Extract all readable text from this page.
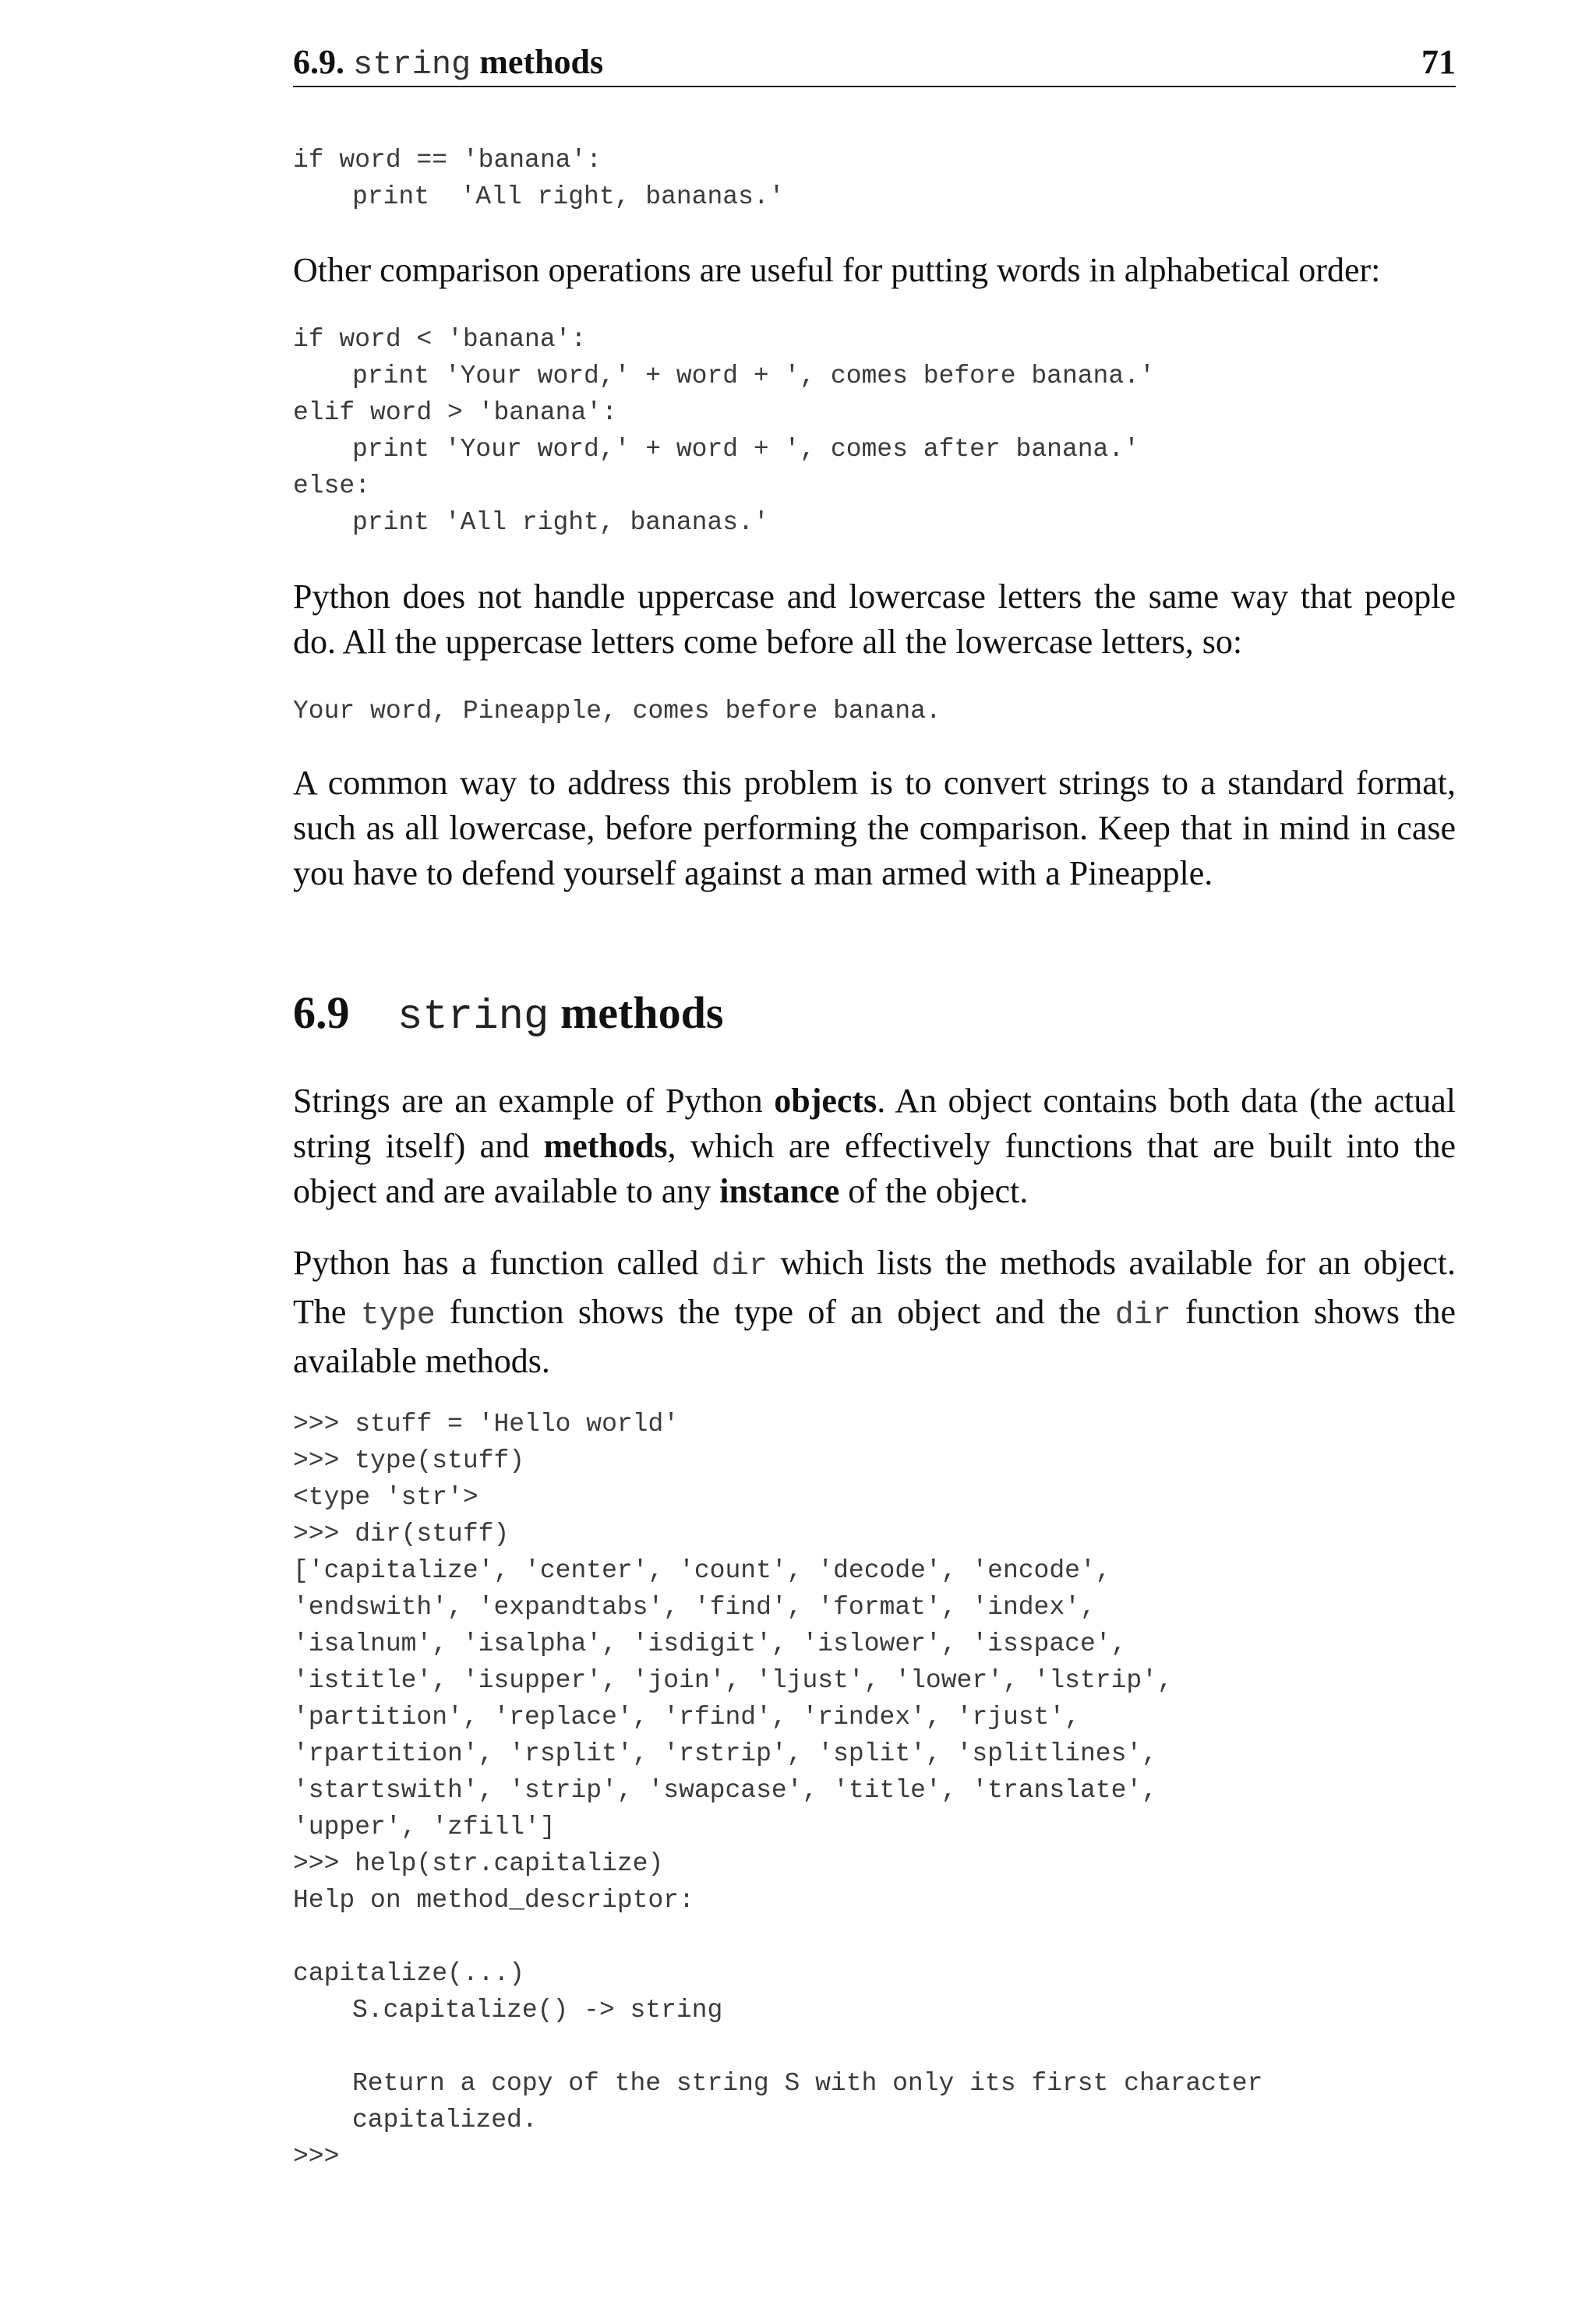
6.9. string methods	71
if word == 'banana':
print  'All right, bananas.'

Other comparison operations are useful for putting words in alphabetical order:

if word < 'banana':
print 'Your word,' + word + ', comes before banana.'
elif word > 'banana':
print 'Your word,' + word + ', comes after banana.'
else:
print 'All right, bananas.'

Python does not handle uppercase and lowercase letters the same way that people do. All the uppercase letters come before all the lowercase letters, so:

Your word, Pineapple, comes before banana.

A common way to address this problem is to convert strings to a standard format, such as all lowercase, before performing the comparison. Keep that in mind in case you have to defend yourself against a man armed with a Pineapple.

6.9 string methods

Strings are an example of Python objects. An object contains both data (the actual string itself) and methods, which are effectively functions that are built into the object and are available to any instance of the object.

Python has a function called dir which lists the methods available for an object. The type function shows the type of an object and the dir function shows the available methods.

>>> stuff = 'Hello world'
>>> type(stuff)
<type 'str'>
>>> dir(stuff)
['capitalize', 'center', 'count', 'decode', 'encode',
'endswith', 'expandtabs', 'find', 'format', 'index',
'isalnum', 'isalpha', 'isdigit', 'islower', 'isspace',
'istitle', 'isupper', 'join', 'ljust', 'lower', 'lstrip',
'partition', 'replace', 'rfind', 'rindex', 'rjust',
'rpartition', 'rsplit', 'rstrip', 'split', 'splitlines',
'startswith', 'strip', 'swapcase', 'title', 'translate',
'upper', 'zfill']
>>> help(str.capitalize)
Help on method_descriptor:
capitalize(...)
S.capitalize() -> string
Return a copy of the string S with only its first character
capitalized.
>>>
